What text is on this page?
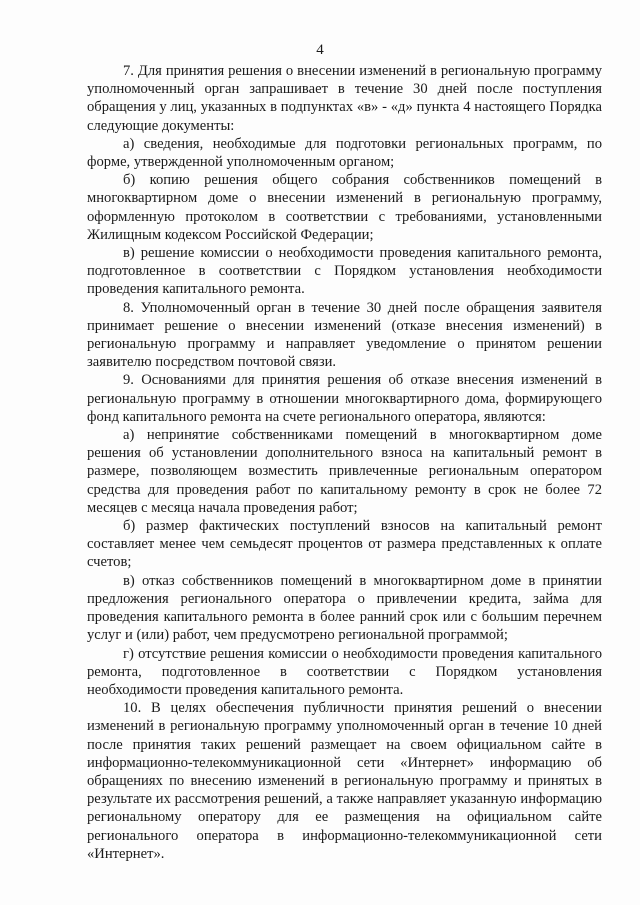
4

7. Для принятия решения о внесении изменений в региональную программу уполномоченный орган запрашивает в течение 30 дней после поступления обращения у лиц, указанных в подпунктах «в» - «д» пункта 4 настоящего Порядка следующие документы:

а) сведения, необходимые для подготовки региональных программ, по форме, утвержденной уполномоченным органом;

б) копию решения общего собрания собственников помещений в многоквартирном доме о внесении изменений в региональную программу, оформленную протоколом в соответствии с требованиями, установленными Жилищным кодексом Российской Федерации;

в) решение комиссии о необходимости проведения капитального ремонта, подготовленное в соответствии с Порядком установления необходимости проведения капитального ремонта.

8. Уполномоченный орган в течение 30 дней после обращения заявителя принимает решение о внесении изменений (отказе внесения изменений) в региональную программу и направляет уведомление о принятом решении заявителю посредством почтовой связи.

9. Основаниями для принятия решения об отказе внесения изменений в региональную программу в отношении многоквартирного дома, формирующего фонд капитального ремонта на счете регионального оператора, являются:

а) непринятие собственниками помещений в многоквартирном доме решения об установлении дополнительного взноса на капитальный ремонт в размере, позволяющем возместить привлеченные региональным оператором средства для проведения работ по капитальному ремонту в срок не более 72 месяцев с месяца начала проведения работ;

б) размер фактических поступлений взносов на капитальный ремонт составляет менее чем семьдесят процентов от размера представленных к оплате счетов;

в) отказ собственников помещений в многоквартирном доме в принятии предложения регионального оператора о привлечении кредита, займа для проведения капитального ремонта в более ранний срок или с большим перечнем услуг и (или) работ, чем предусмотрено региональной программой;

г) отсутствие решения комиссии о необходимости проведения капитального ремонта, подготовленное в соответствии с Порядком установления необходимости проведения капитального ремонта.

10. В целях обеспечения публичности принятия решений о внесении изменений в региональную программу уполномоченный орган в течение 10 дней после принятия таких решений размещает на своем официальном сайте в информационно-телекоммуникационной сети «Интернет» информацию об обращениях по внесению изменений в региональную программу и принятых в результате их рассмотрения решений, а также направляет указанную информацию региональному оператору для ее размещения на официальном сайте регионального оператора в информационно-телекоммуникационной сети «Интернет».
